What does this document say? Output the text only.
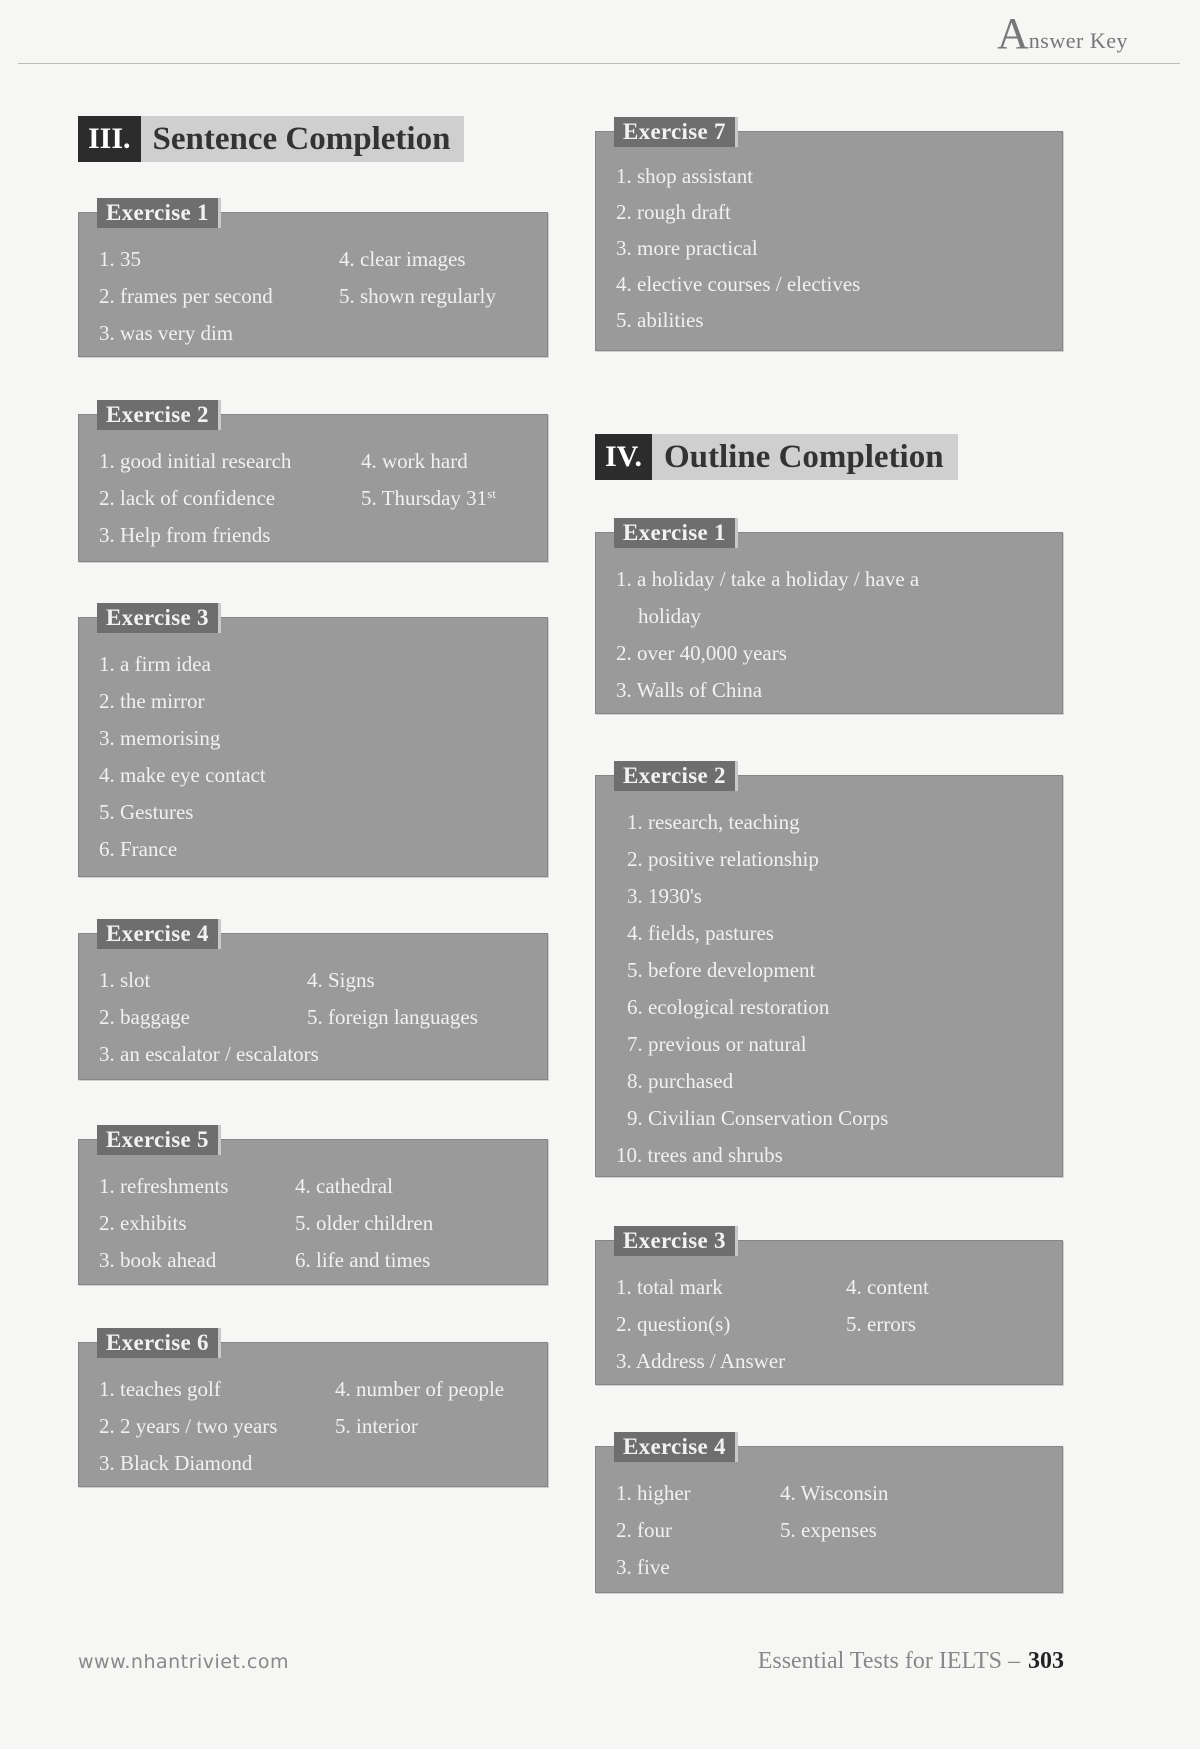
A nswer Key
III. Sentence Completion
Exercise 1
1. 35	4. clear images
2. frames per second	5. shown regularly
3. was very dim
Exercise 2
1. good initial research	4. work hard
2. lack of confidence	5. Thursday 31st
3. Help from friends
Exercise 3
1. a firm idea
2. the mirror
3. memorising
4. make eye contact
5. Gestures
6. France
Exercise 4
1. slot	4. Signs
2. baggage	5. foreign languages
3. an escalator / escalators
Exercise 5
1. refreshments	4. cathedral
2. exhibits	5. older children
3. book ahead	6. life and times
Exercise 6
1. teaches golf	4. number of people
2. 2 years / two years	5. interior
3. Black Diamond
Exercise 7
1. shop assistant
2. rough draft
3. more practical
4. elective courses / electives
5. abilities
IV. Outline Completion
Exercise 1
1. a holiday / take a holiday / have a
holiday
2. over 40,000 years
3. Walls of China
Exercise 2
1. research, teaching
2. positive relationship
3. 1930's
4. fields, pastures
5. before development
6. ecological restoration
7. previous or natural
8. purchased
9. Civilian Conservation Corps
10. trees and shrubs
Exercise 3
1. total mark	4. content
2. question(s)	5. errors
3. Address / Answer
Exercise 4
1. higher	4. Wisconsin
2. four	5. expenses
3. five
www.nhantriviet.com	Essential Tests for IELTS – 303
